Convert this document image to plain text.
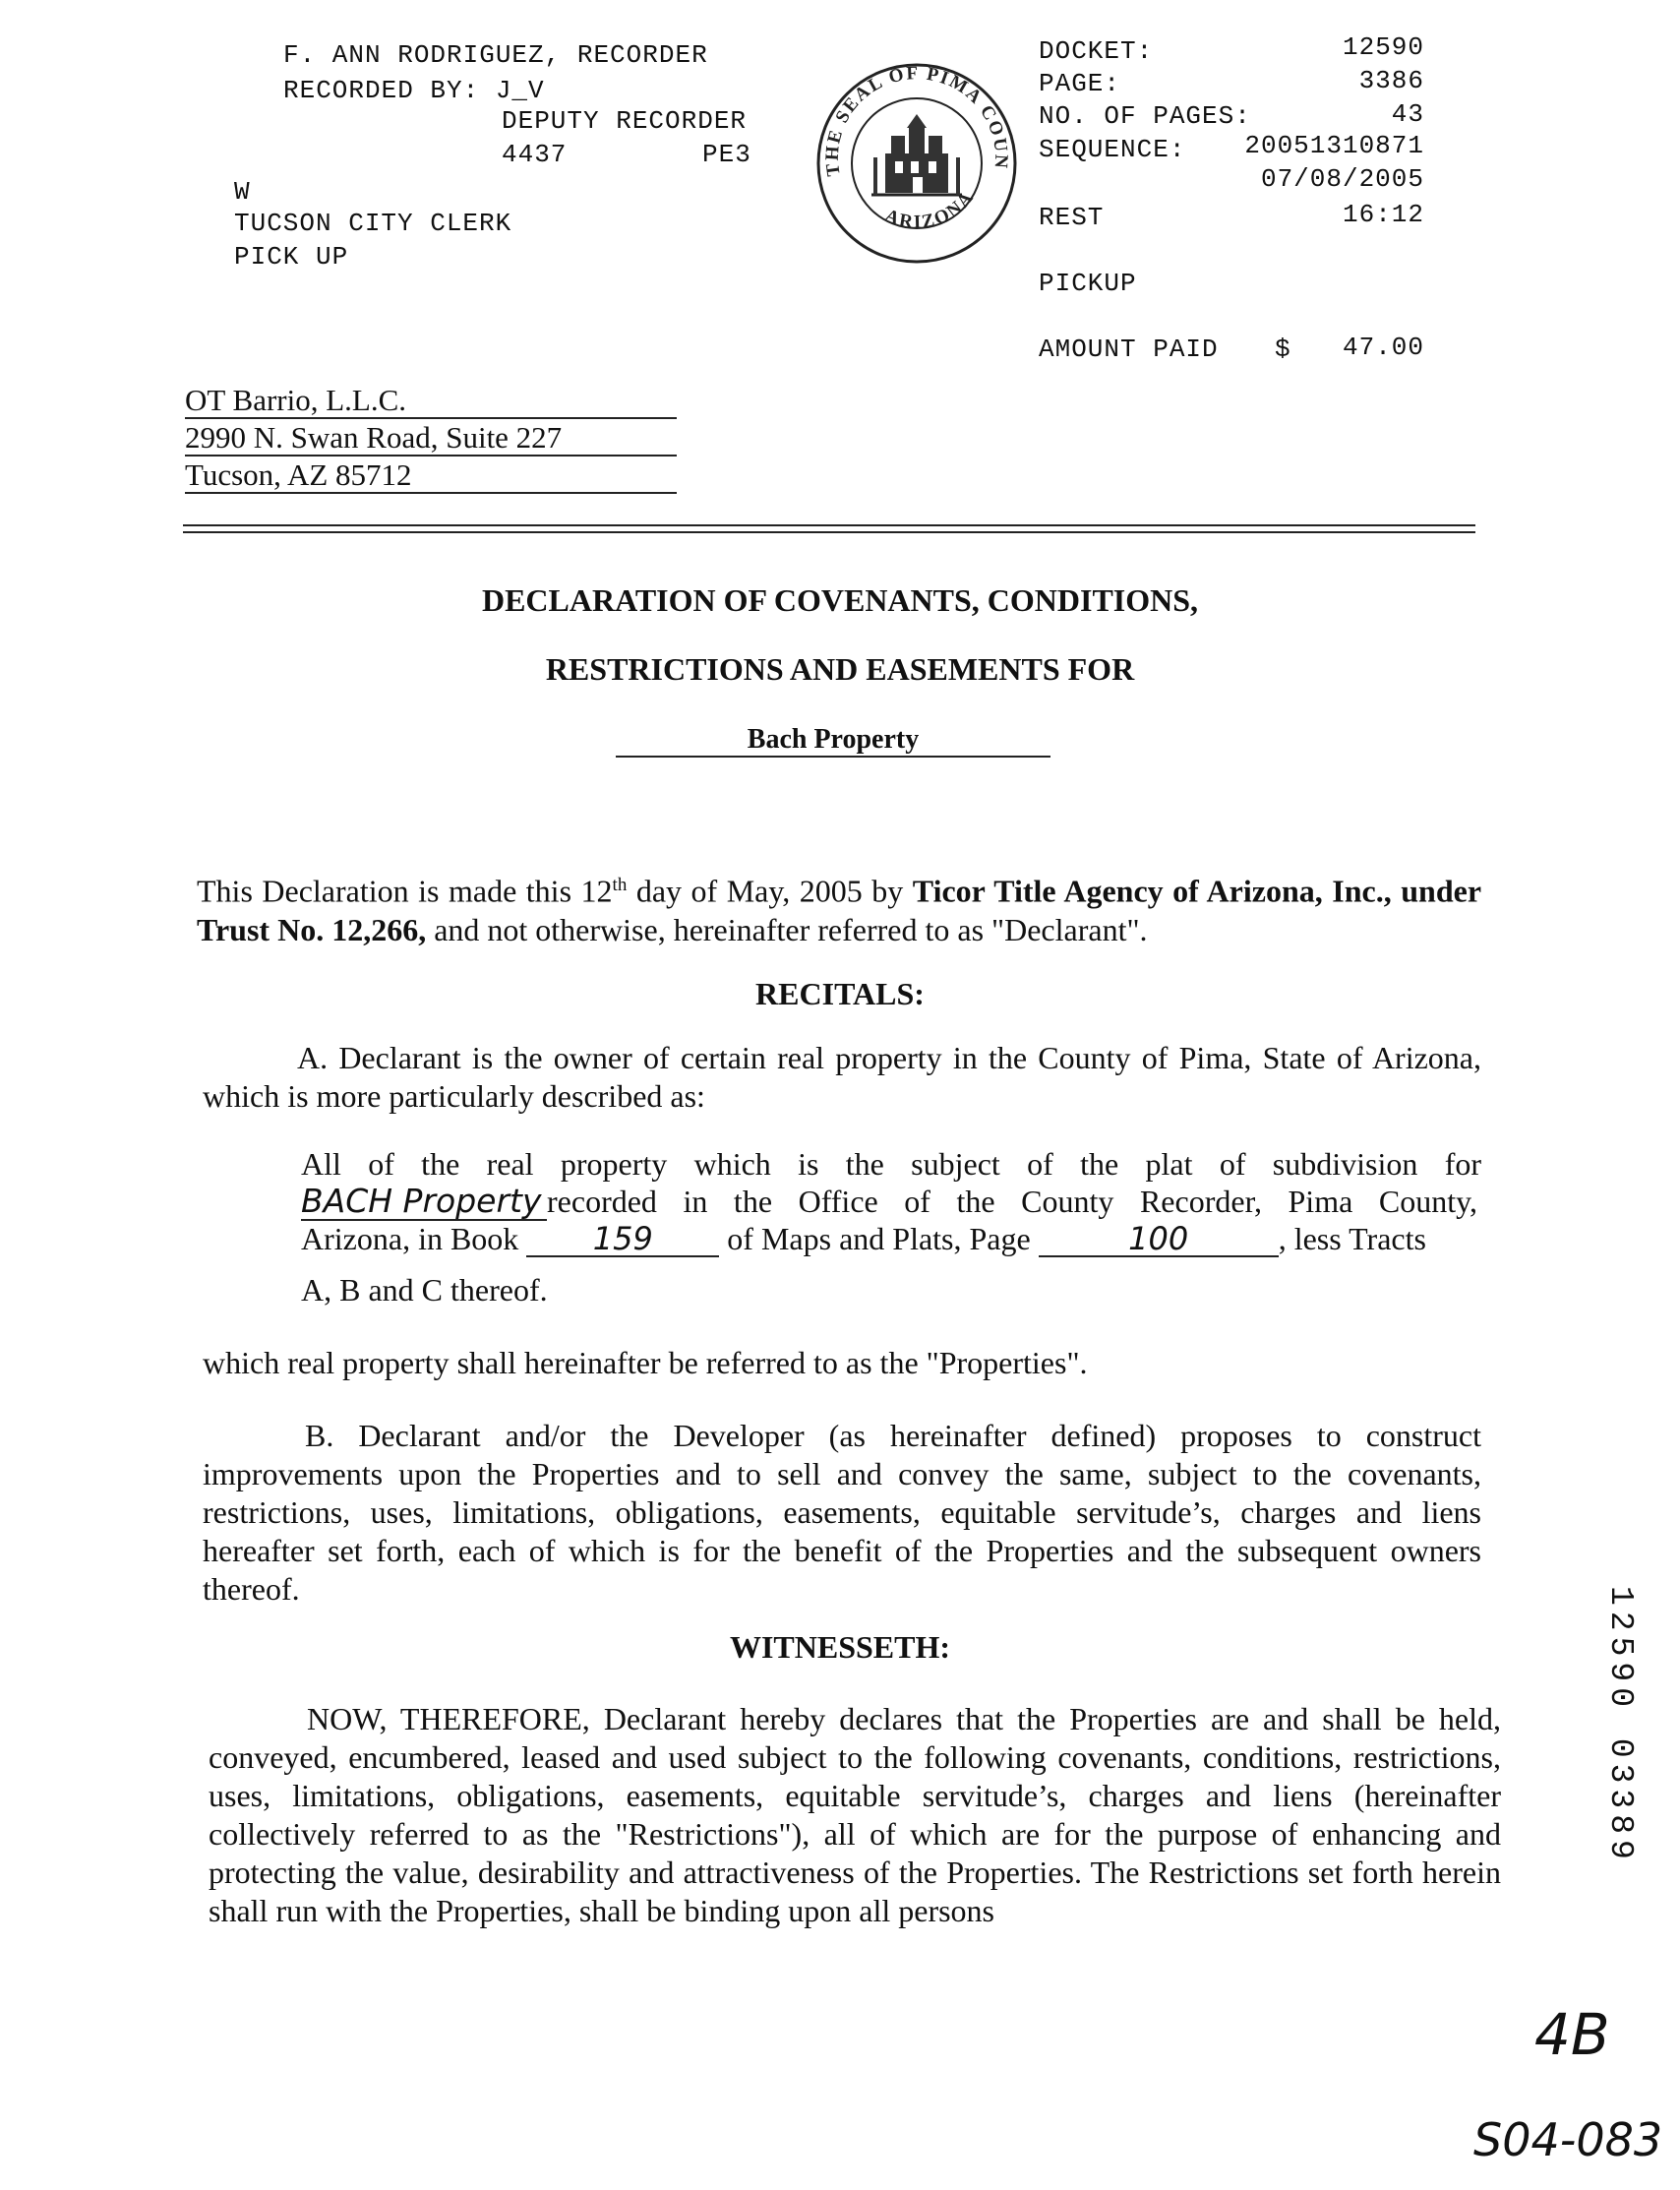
F. ANN RODRIGUEZ, RECORDER
RECORDED BY: J_V
DEPUTY RECORDER
4437	PE3
W
TUCSON CITY CLERK
PICK UP
THE SEAL OF PIMA COUN
ARIZONA
DOCKET:	12590
PAGE:	3386
NO. OF PAGES:	43
SEQUENCE:	20051310871
07/08/2005
REST	16:12
PICKUP
AMOUNT PAID $	47.00
OT Barrio, L.L.C.
2990 N. Swan Road, Suite 227
Tucson, AZ 85712
DECLARATION OF COVENANTS, CONDITIONS,
RESTRICTIONS AND EASEMENTS FOR
Bach Property
This Declaration is made this 12th day of May, 2005 by Ticor Title Agency of Arizona, Inc., under Trust No. 12,266, and not otherwise, hereinafter referred to as "Declarant".
RECITALS:
A. Declarant is the owner of certain real property in the County of Pima, State of Arizona, which is more particularly described as:
All of the real property which is the subject of the plat of subdivision for
BACH Property recorded in the Office of the County Recorder, Pima County,
Arizona, in Book 159 of Maps and Plats, Page	100	, less Tracts
A, B and C thereof.
which real property shall hereinafter be referred to as the "Properties".
B. Declarant and/or the Developer (as hereinafter defined) proposes to construct improvements upon the Properties and to sell and convey the same, subject to the covenants, restrictions, uses, limitations, obligations, easements, equitable servitude’s, charges and liens hereafter set forth, each of which is for the benefit of the Properties and the subsequent owners thereof.
WITNESSETH:
NOW, THEREFORE, Declarant hereby declares that the Properties are and shall be held, conveyed, encumbered, leased and used subject to the following covenants, conditions, restrictions, uses, limitations, obligations, easements, equitable servitude’s, charges and liens (hereinafter collectively referred to as the "Restrictions"), all of which are for the purpose of enhancing and protecting the value, desirability and attractiveness of the Properties. The Restrictions set forth herein shall run with the Properties, shall be binding upon all persons

12590 03389

4B
S04-083
